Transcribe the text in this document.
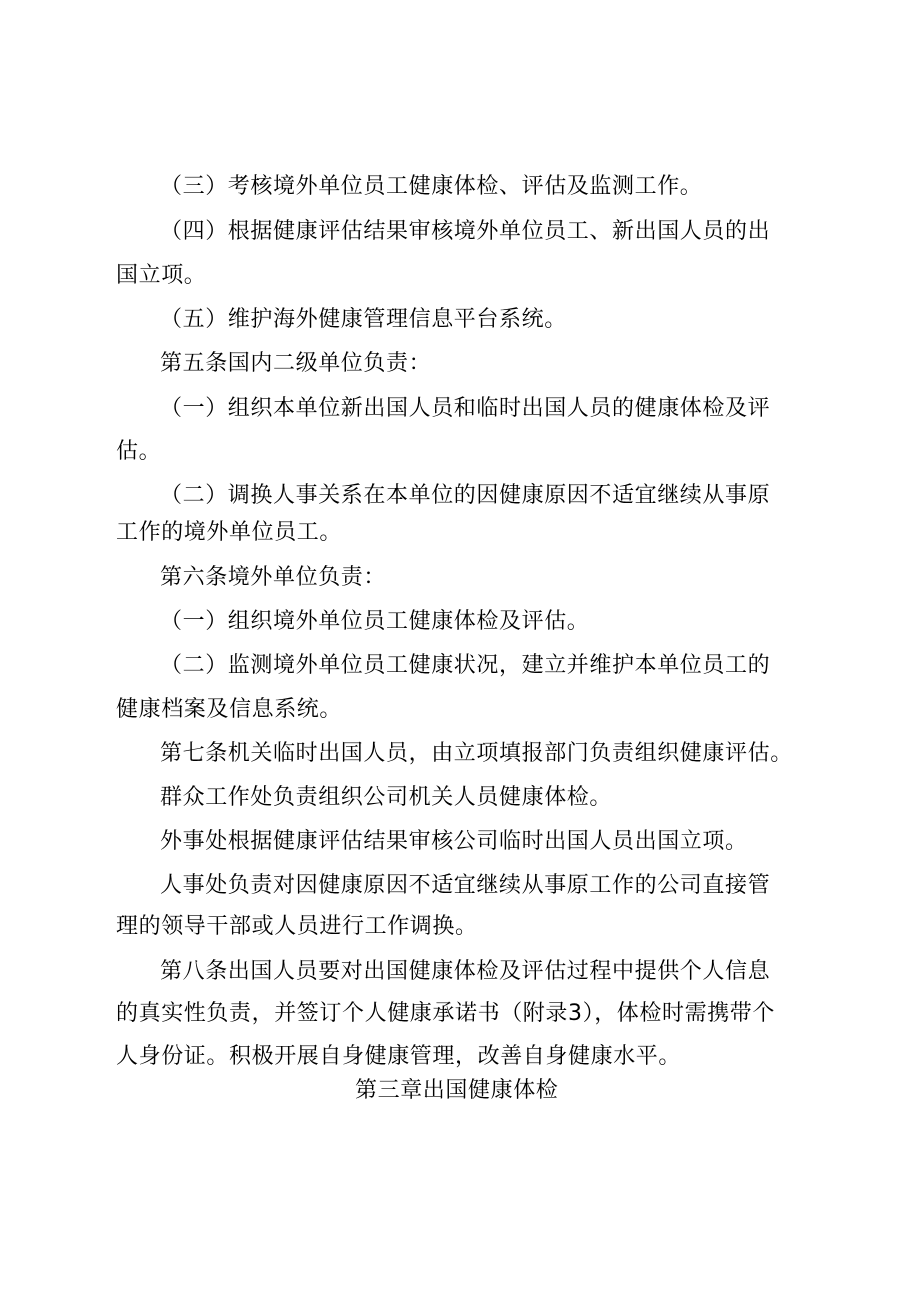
（三）考核境外单位员工健康体检、评估及监测工作。
（四）根据健康评估结果审核境外单位员工、新出国人员的出
国立项。
（五）维护海外健康管理信息平台系统。
第五条国内二级单位负责：
（一）组织本单位新出国人员和临时出国人员的健康体检及评
估。
（二）调换人事关系在本单位的因健康原因不适宜继续从事原
工作的境外单位员工。
第六条境外单位负责：
（一）组织境外单位员工健康体检及评估。
（二）监测境外单位员工健康状况，建立并维护本单位员工的
健康档案及信息系统。
第七条机关临时出国人员，由立项填报部门负责组织健康评估。
群众工作处负责组织公司机关人员健康体检。
外事处根据健康评估结果审核公司临时出国人员出国立项。
人事处负责对因健康原因不适宜继续从事原工作的公司直接管
理的领导干部或人员进行工作调换。
第八条出国人员要对出国健康体检及评估过程中提供个人信息
的真实性负责，并签订个人健康承诺书（附录3），体检时需携带个
人身份证。积极开展自身健康管理，改善自身健康水平。
第三章出国健康体检
